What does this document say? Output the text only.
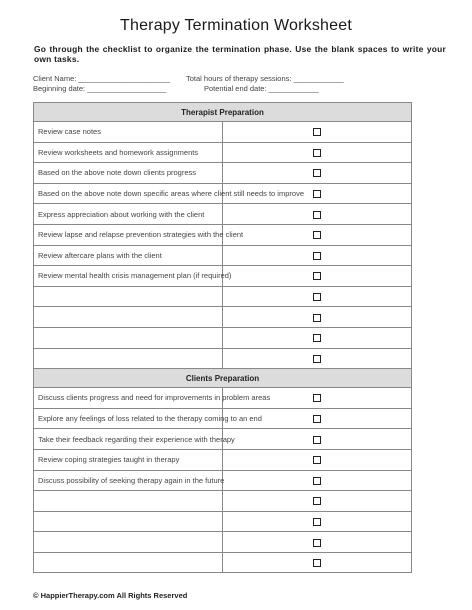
Therapy Termination Worksheet
Go through the checklist to organize the termination phase. Use the blank spaces to write your own tasks.
Client Name: ______________________ Total hours of therapy sessions: ____________
Beginning date: ___________________	Potential end date: ____________
Therapist Preparation	
Review case notes	
Review worksheets and homework assignments	
Based on the above note down clients progress	
Based on the above note down specific areas where client still needs to improve	
Express appreciation about working with the client	
Review lapse and relapse prevention strategies with the client	
Review aftercare plans with the client	
Review mental health crisis management plan (if required)	

Clients Preparation	
Discuss clients progress and need for improvements in problem areas	
Explore any feelings of loss related to the therapy coming to an end	
Take their feedback regarding their experience with therapy	
Review coping strategies taught in therapy	
Discuss possibility of seeking therapy again in the future	

© HappierTherapy.com All Rights Reserved
